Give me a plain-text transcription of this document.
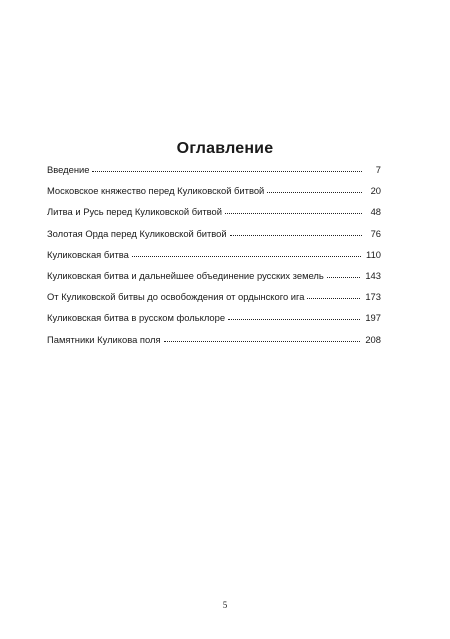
Оглавление
Введение	7
Московское княжество перед Куликовской битвой	20
Литва и Русь перед Куликовской битвой	48
Золотая Орда перед Куликовской битвой	76
Куликовская битва	110
Куликовская битва и дальнейшее объединение русских земель	143
От Куликовской битвы до освобождения от ордынского ига	173
Куликовская битва в русском фольклоре	197
Памятники Куликова поля	208
5
